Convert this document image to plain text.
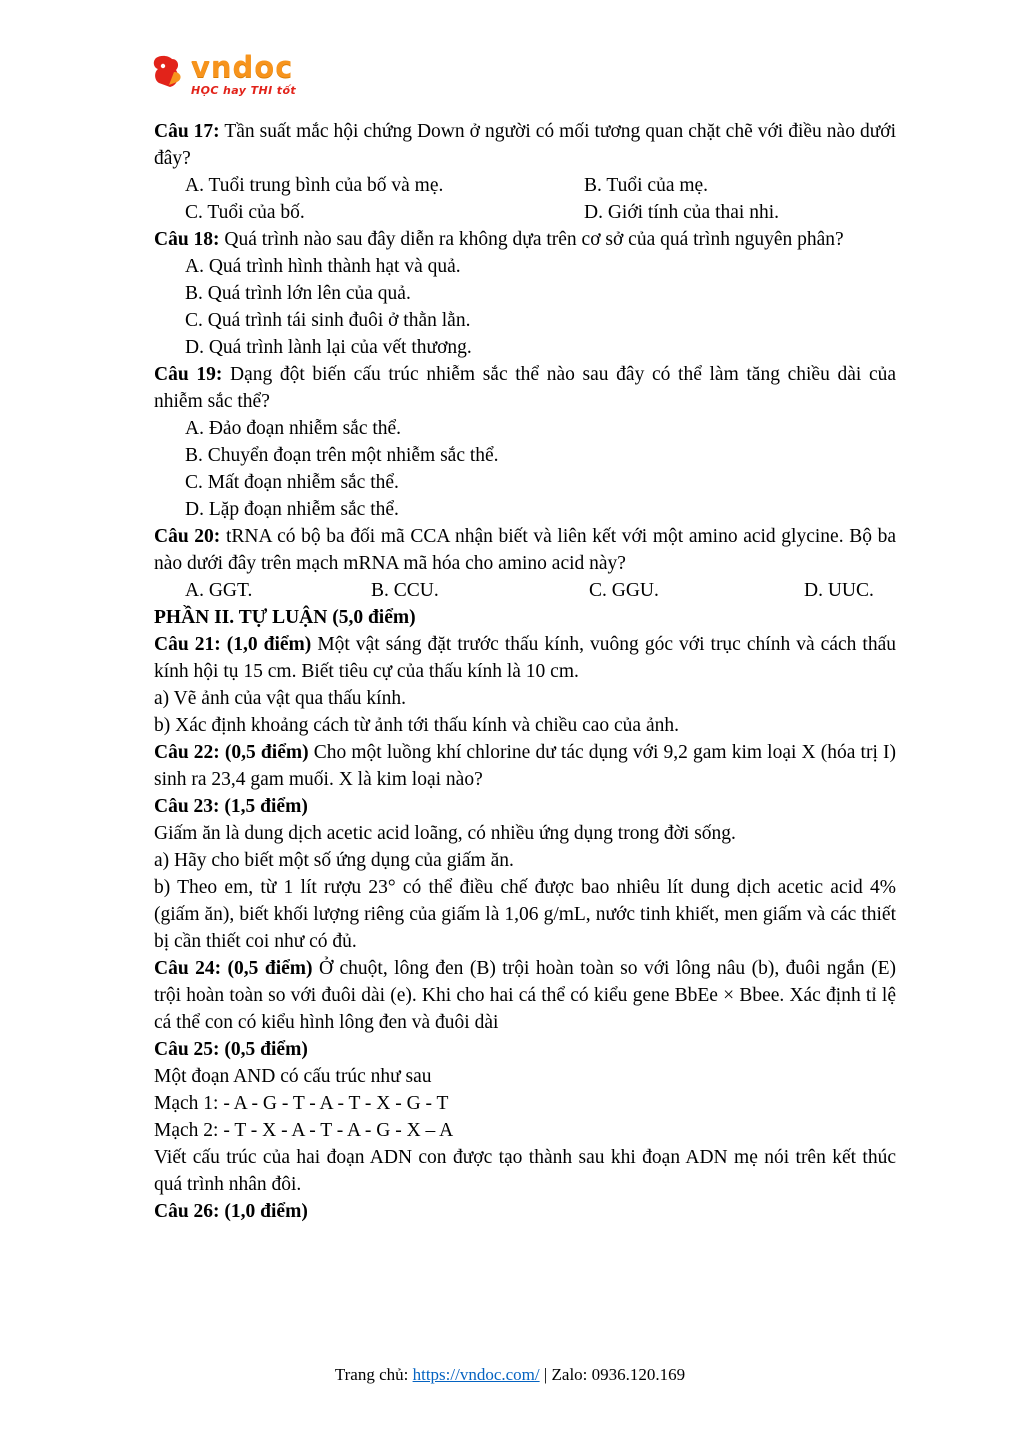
vndoc
HỌC hay THI tốt

Câu 17: Tần suất mắc hội chứng Down ở người có mối tương quan chặt chẽ với điều nào dưới đây?

A. Tuổi trung bình của bố và mẹ.	B. Tuổi của mẹ.
C. Tuổi của bố.	D. Giới tính của thai nhi.

Câu 18: Quá trình nào sau đây diễn ra không dựa trên cơ sở của quá trình nguyên phân?

A. Quá trình hình thành hạt và quả.

B. Quá trình lớn lên của quả.

C. Quá trình tái sinh đuôi ở thằn lằn.

D. Quá trình lành lại của vết thương.

Câu 19: Dạng đột biến cấu trúc nhiễm sắc thể nào sau đây có thể làm tăng chiều dài của nhiễm sắc thể?

A. Đảo đoạn nhiễm sắc thể.

B. Chuyển đoạn trên một nhiễm sắc thể.

C. Mất đoạn nhiễm sắc thể.

D. Lặp đoạn nhiễm sắc thể.

Câu 20: tRNA có bộ ba đối mã CCA nhận biết và liên kết với một amino acid glycine. Bộ ba nào dưới đây trên mạch mRNA mã hóa cho amino acid này?

A. GGT.	B. CCU.	C. GGU.	D. UUC.

PHẦN II. TỰ LUẬN (5,0 điểm)

Câu 21: (1,0 điểm) Một vật sáng đặt trước thấu kính, vuông góc với trục chính và cách thấu kính hội tụ 15 cm. Biết tiêu cự của thấu kính là 10 cm.

a) Vẽ ảnh của vật qua thấu kính.

b) Xác định khoảng cách từ ảnh tới thấu kính và chiều cao của ảnh.

Câu 22: (0,5 điểm) Cho một luồng khí chlorine dư tác dụng với 9,2 gam kim loại X (hóa trị I) sinh ra 23,4 gam muối. X là kim loại nào?

Câu 23: (1,5 điểm)

Giấm ăn là dung dịch acetic acid loãng, có nhiều ứng dụng trong đời sống.

a) Hãy cho biết một số ứng dụng của giấm ăn.

b) Theo em, từ 1 lít rượu 23° có thể điều chế được bao nhiêu lít dung dịch acetic acid 4% (giấm ăn), biết khối lượng riêng của giấm là 1,06 g/mL, nước tinh khiết, men giấm và các thiết bị cần thiết coi như có đủ.

Câu 24: (0,5 điểm) Ở chuột, lông đen (B) trội hoàn toàn so với lông nâu (b), đuôi ngắn (E) trội hoàn toàn so với đuôi dài (e). Khi cho hai cá thể có kiểu gene BbEe × Bbee. Xác định tỉ lệ cá thể con có kiểu hình lông đen và đuôi dài

Câu 25: (0,5 điểm)

Một đoạn AND có cấu trúc như sau

Mạch 1: - A - G - T - A - T - X - G - T

Mạch 2: - T - X - A - T - A - G - X – A

Viết cấu trúc của hai đoạn ADN con được tạo thành sau khi đoạn ADN mẹ nói trên kết thúc quá trình nhân đôi.

Câu 26: (1,0 điểm)

Trang chủ: https://vndoc.com/ | Zalo: 0936.120.169
